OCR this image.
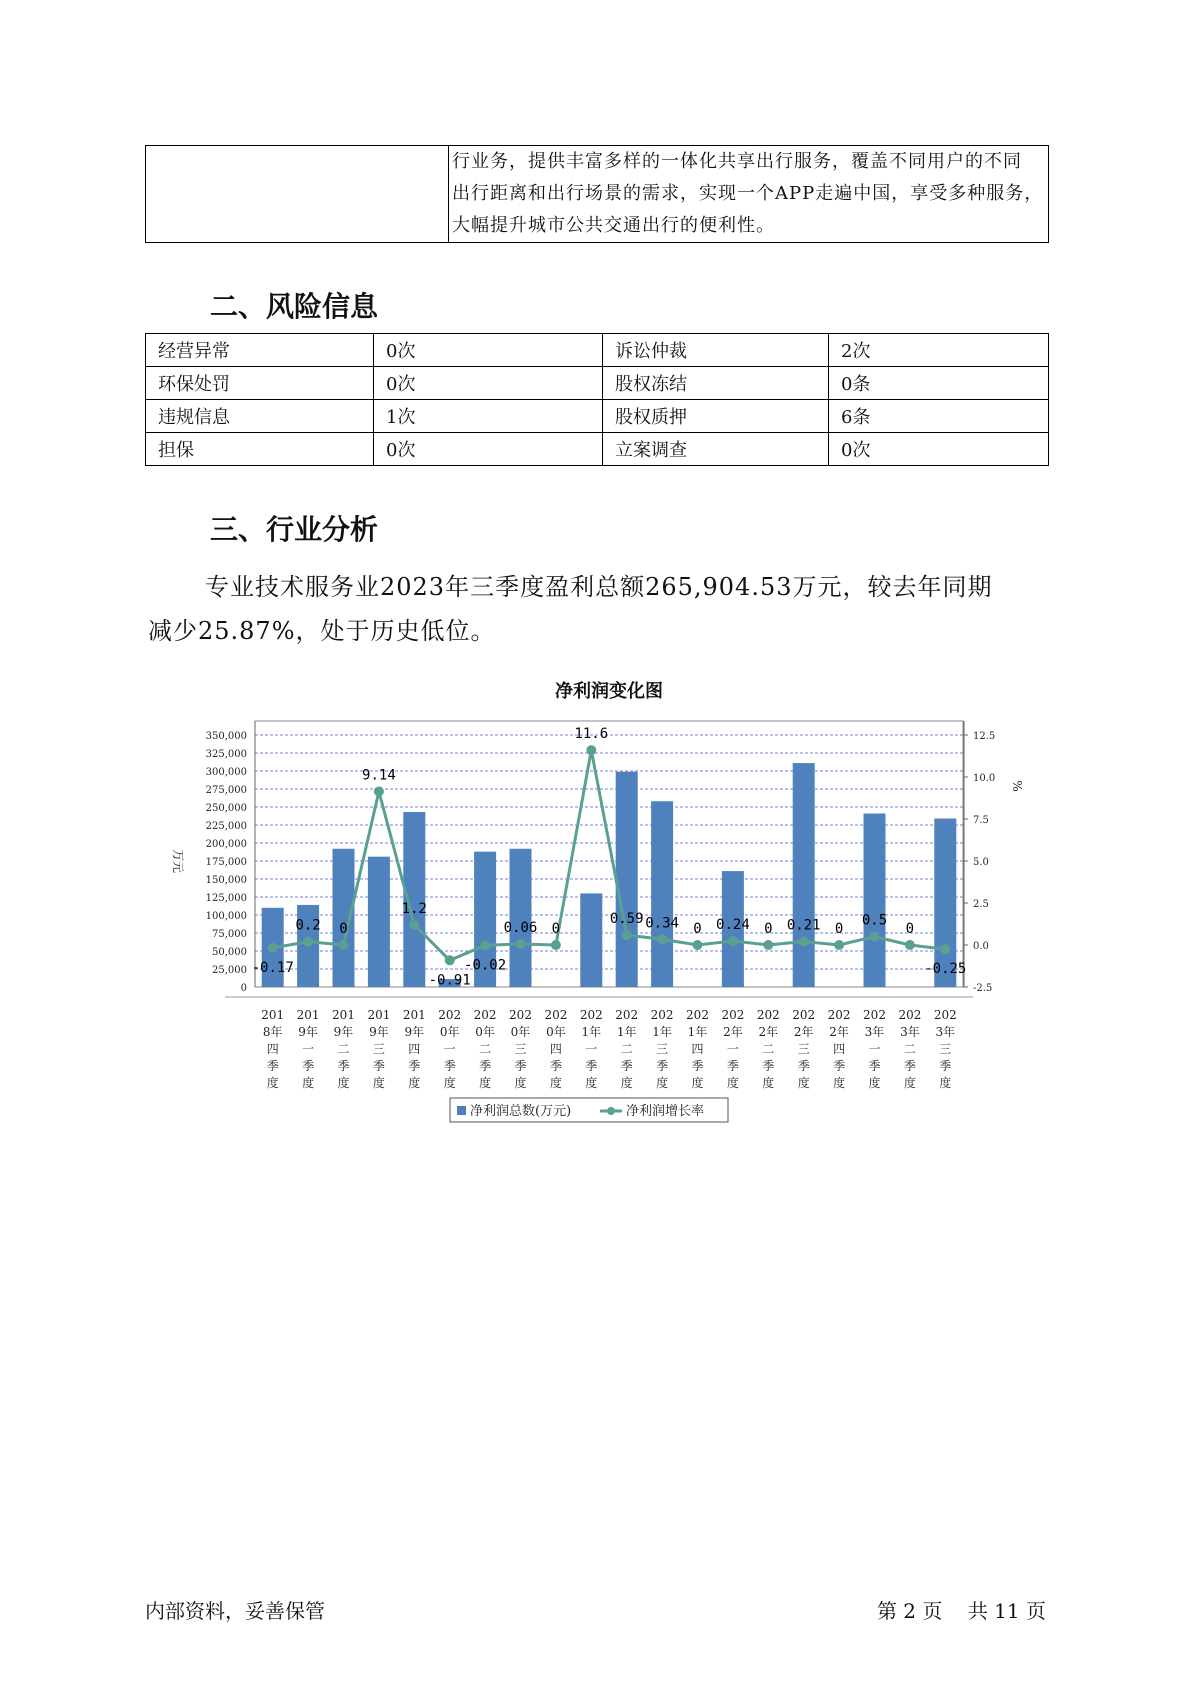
行业务，提供丰富多样的一体化共享出行服务，覆盖不同用户的不同
出行距离和出行场景的需求，实现一个APP走遍中国，享受多种服务，
大幅提升城市公共交通出行的便利性。
二、风险信息
经营异常	0次	诉讼仲裁	2次
环保处罚	0次	股权冻结	0条
违规信息	1次	股权质押	6条
担保	0次	立案调查	0次
三、行业分析

专业技术服务业2023年三季度盈利总额265,904.53万元，较去年同期

减少25.87%，处于历史低位。

净利润变化图
0
25,000
50,000
75,000
100,000
125,000
150,000
175,000
200,000
225,000
250,000
275,000
300,000
325,000
350,000
-2.5
0.0
2.5
5.0
7.5
10.0
12.5
万元
%
-0.17
0.2 0
9.14
1.2
-0.91
-0.02
0.06 0
11.6
0.59 0.34 0 0.24 0 0.21 0
0.5
0
-0.25
201
8年
四
季
度
201
9年
一
季
度
201
9年
二
季
度
201
9年
三
季
度
201
9年
四
季
度
202
0年
一
季
度
202
0年
二
季
度
202
0年
三
季
度
202
0年
四
季
度
202
1年
一
季
度
202
1年
二
季
度
202
1年
三
季
度
202
1年
四
季
度
202
2年
一
季
度
202
2年
二
季
度
202
2年
三
季
度
202
2年
四
季
度
202
3年
一
季
度
202
3年
二
季
度
202
3年
三
季
度
净利润总数(万元)	净利润增长率
内部资料，妥善保管	第 2 页    共 11 页
